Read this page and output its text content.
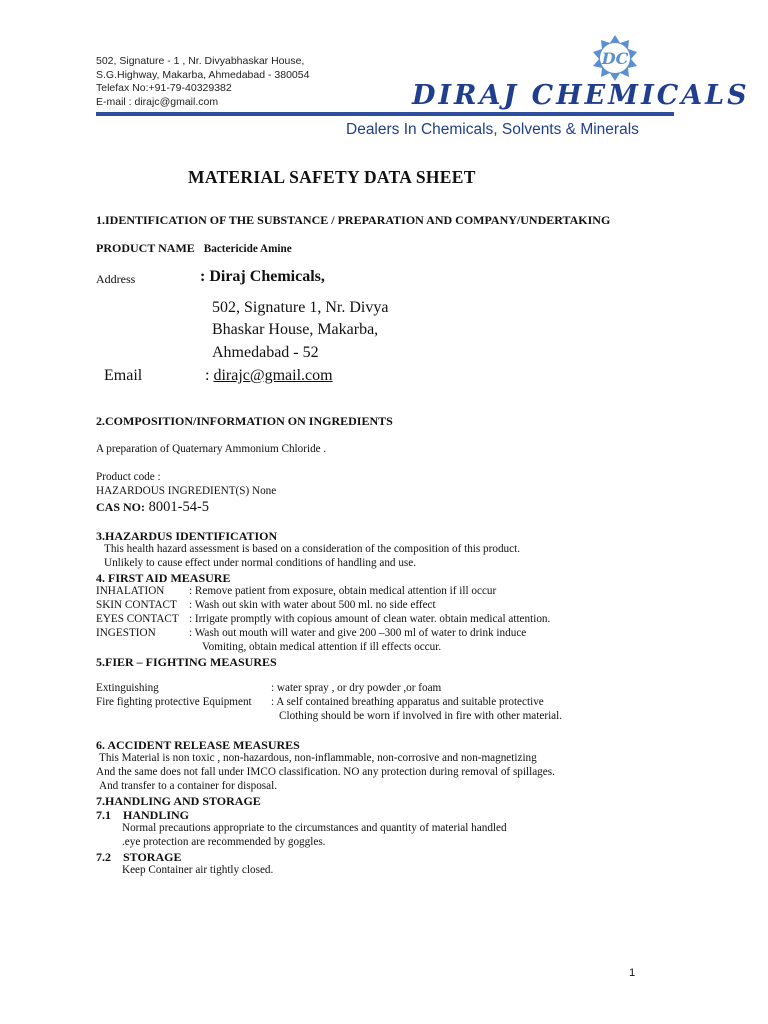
502, Signature - 1 , Nr. Divyabhaskar House,
S.G.Highway, Makarba, Ahmedabad - 380054
Telefax No:+91-79-40329382
E-mail : dirajc@gmail.com
DC
DIRAJ CHEMICALS
Dealers In Chemicals, Solvents & Minerals
MATERIAL SAFETY DATA SHEET
1.IDENTIFICATION OF THE SUBSTANCE / PREPARATION AND COMPANY/UNDERTAKING
PRODUCT NAME Bactericide Amine
Address	: Diraj Chemicals,
502, Signature 1, Nr. Divya
Bhaskar House, Makarba,
Ahmedabad - 52
Email	: dirajc@gmail.com
2.COMPOSITION/INFORMATION ON INGREDIENTS
A preparation of Quaternary Ammonium Chloride .
Product code :
HAZARDOUS INGREDIENT(S) None
CAS NO: 8001-54-5
3.HAZARDUS IDENTIFICATION
This health hazard assessment is based on a consideration of the composition of this product.
Unlikely to cause effect under normal conditions of handling and use.
4. FIRST AID MEASURE
INHALATION : Remove patient from exposure, obtain medical attention if ill occur
SKIN CONTACT : Wash out skin with water about 500 ml. no side effect
EYES CONTACT : Irrigate promptly with copious amount of clean water. obtain medical attention.
INGESTION	: Wash out mouth will water and give 200 –300 ml of water to drink induce
Vomiting, obtain medical attention if ill effects occur.
5.FIER – FIGHTING MEASURES
Extinguishing	: water spray , or dry powder ,or foam
Fire fighting protective Equipment : A self contained breathing apparatus and suitable protective
Clothing should be worn if involved in fire with other material.
6. ACCIDENT RELEASE MEASURES
This Material is non toxic , non-hazardous, non-inflammable, non-corrosive and non-magnetizing
And the same does not fall under IMCO classification. NO any protection during removal of spillages.
And transfer to a container for disposal.
7.HANDLING AND STORAGE
7.1    HANDLING
Normal precautions appropriate to the circumstances and quantity of material handled
.eye protection are recommended by goggles.
7.2    STORAGE
Keep Container air tightly closed.
1
